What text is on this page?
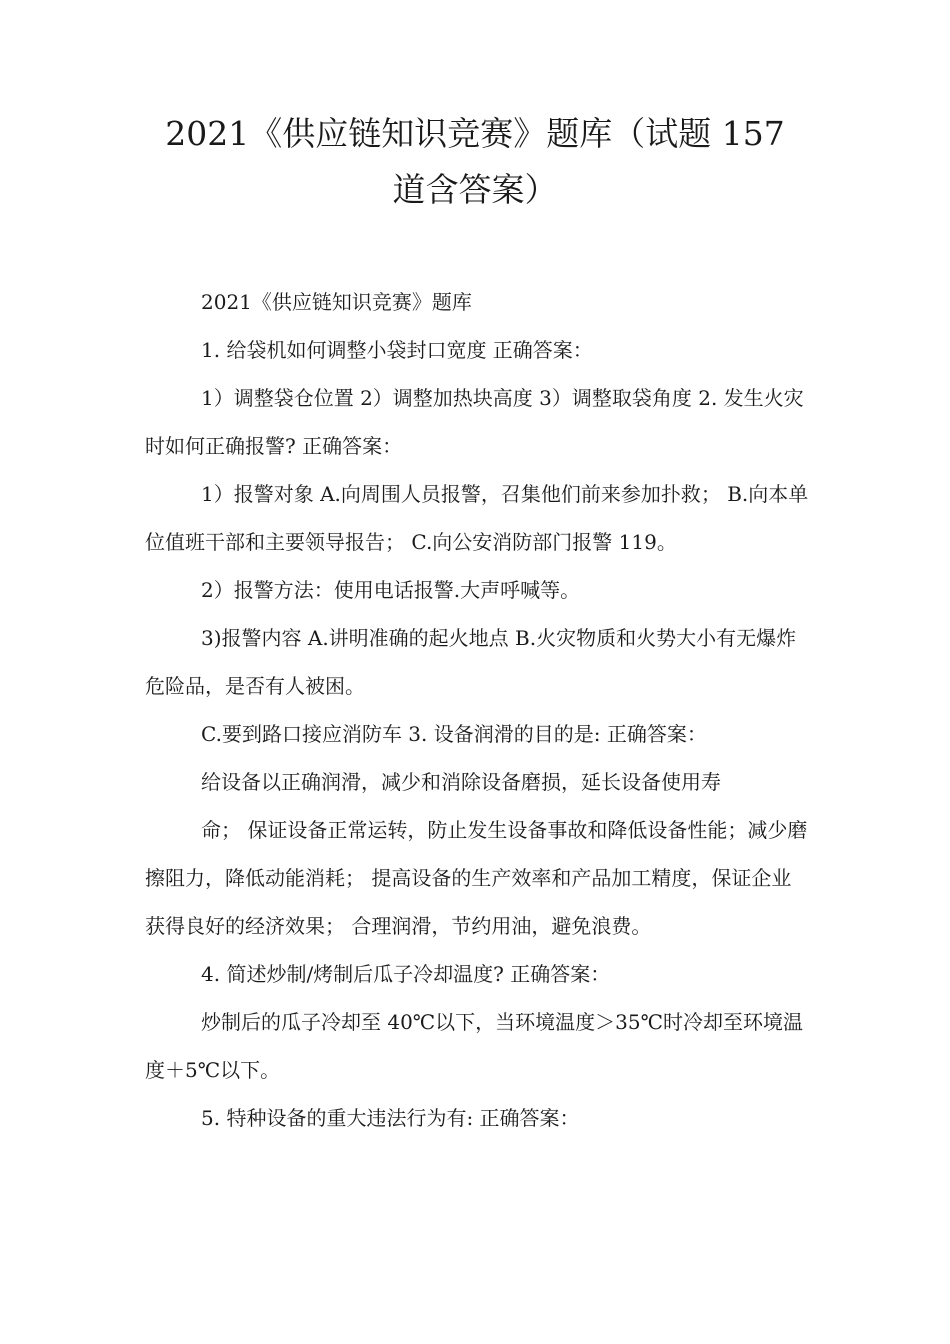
2021《供应链知识竞赛》题库（试题 157
道含答案）

2021《供应链知识竞赛》题库

1. 给袋机如何调整小袋封口宽度 正确答案：

1）调整袋仓位置 2）调整加热块高度 3）调整取袋角度 2. 发生火灾时如何正确报警? 正确答案：

1）报警对象 A.向周围人员报警，召集他们前来参加扑救； B.向本单位值班干部和主要领导报告； C.向公安消防部门报警 119。

2）报警方法：使用电话报警.大声呼喊等。

3)报警内容 A.讲明准确的起火地点 B.火灾物质和火势大小有无爆炸危险品，是否有人被困。

C.要到路口接应消防车 3. 设备润滑的目的是: 正确答案：

给设备以正确润滑，减少和消除设备磨损，延长设备使用寿

命； 保证设备正常运转，防止发生设备事故和降低设备性能；减少磨擦阻力，降低动能消耗； 提高设备的生产效率和产品加工精度，保证企业获得良好的经济效果； 合理润滑，节约用油，避免浪费。

4. 简述炒制/烤制后瓜子冷却温度? 正确答案：

炒制后的瓜子冷却至 40℃以下，当环境温度＞35℃时冷却至环境温度＋5℃以下。

5. 特种设备的重大违法行为有: 正确答案：
